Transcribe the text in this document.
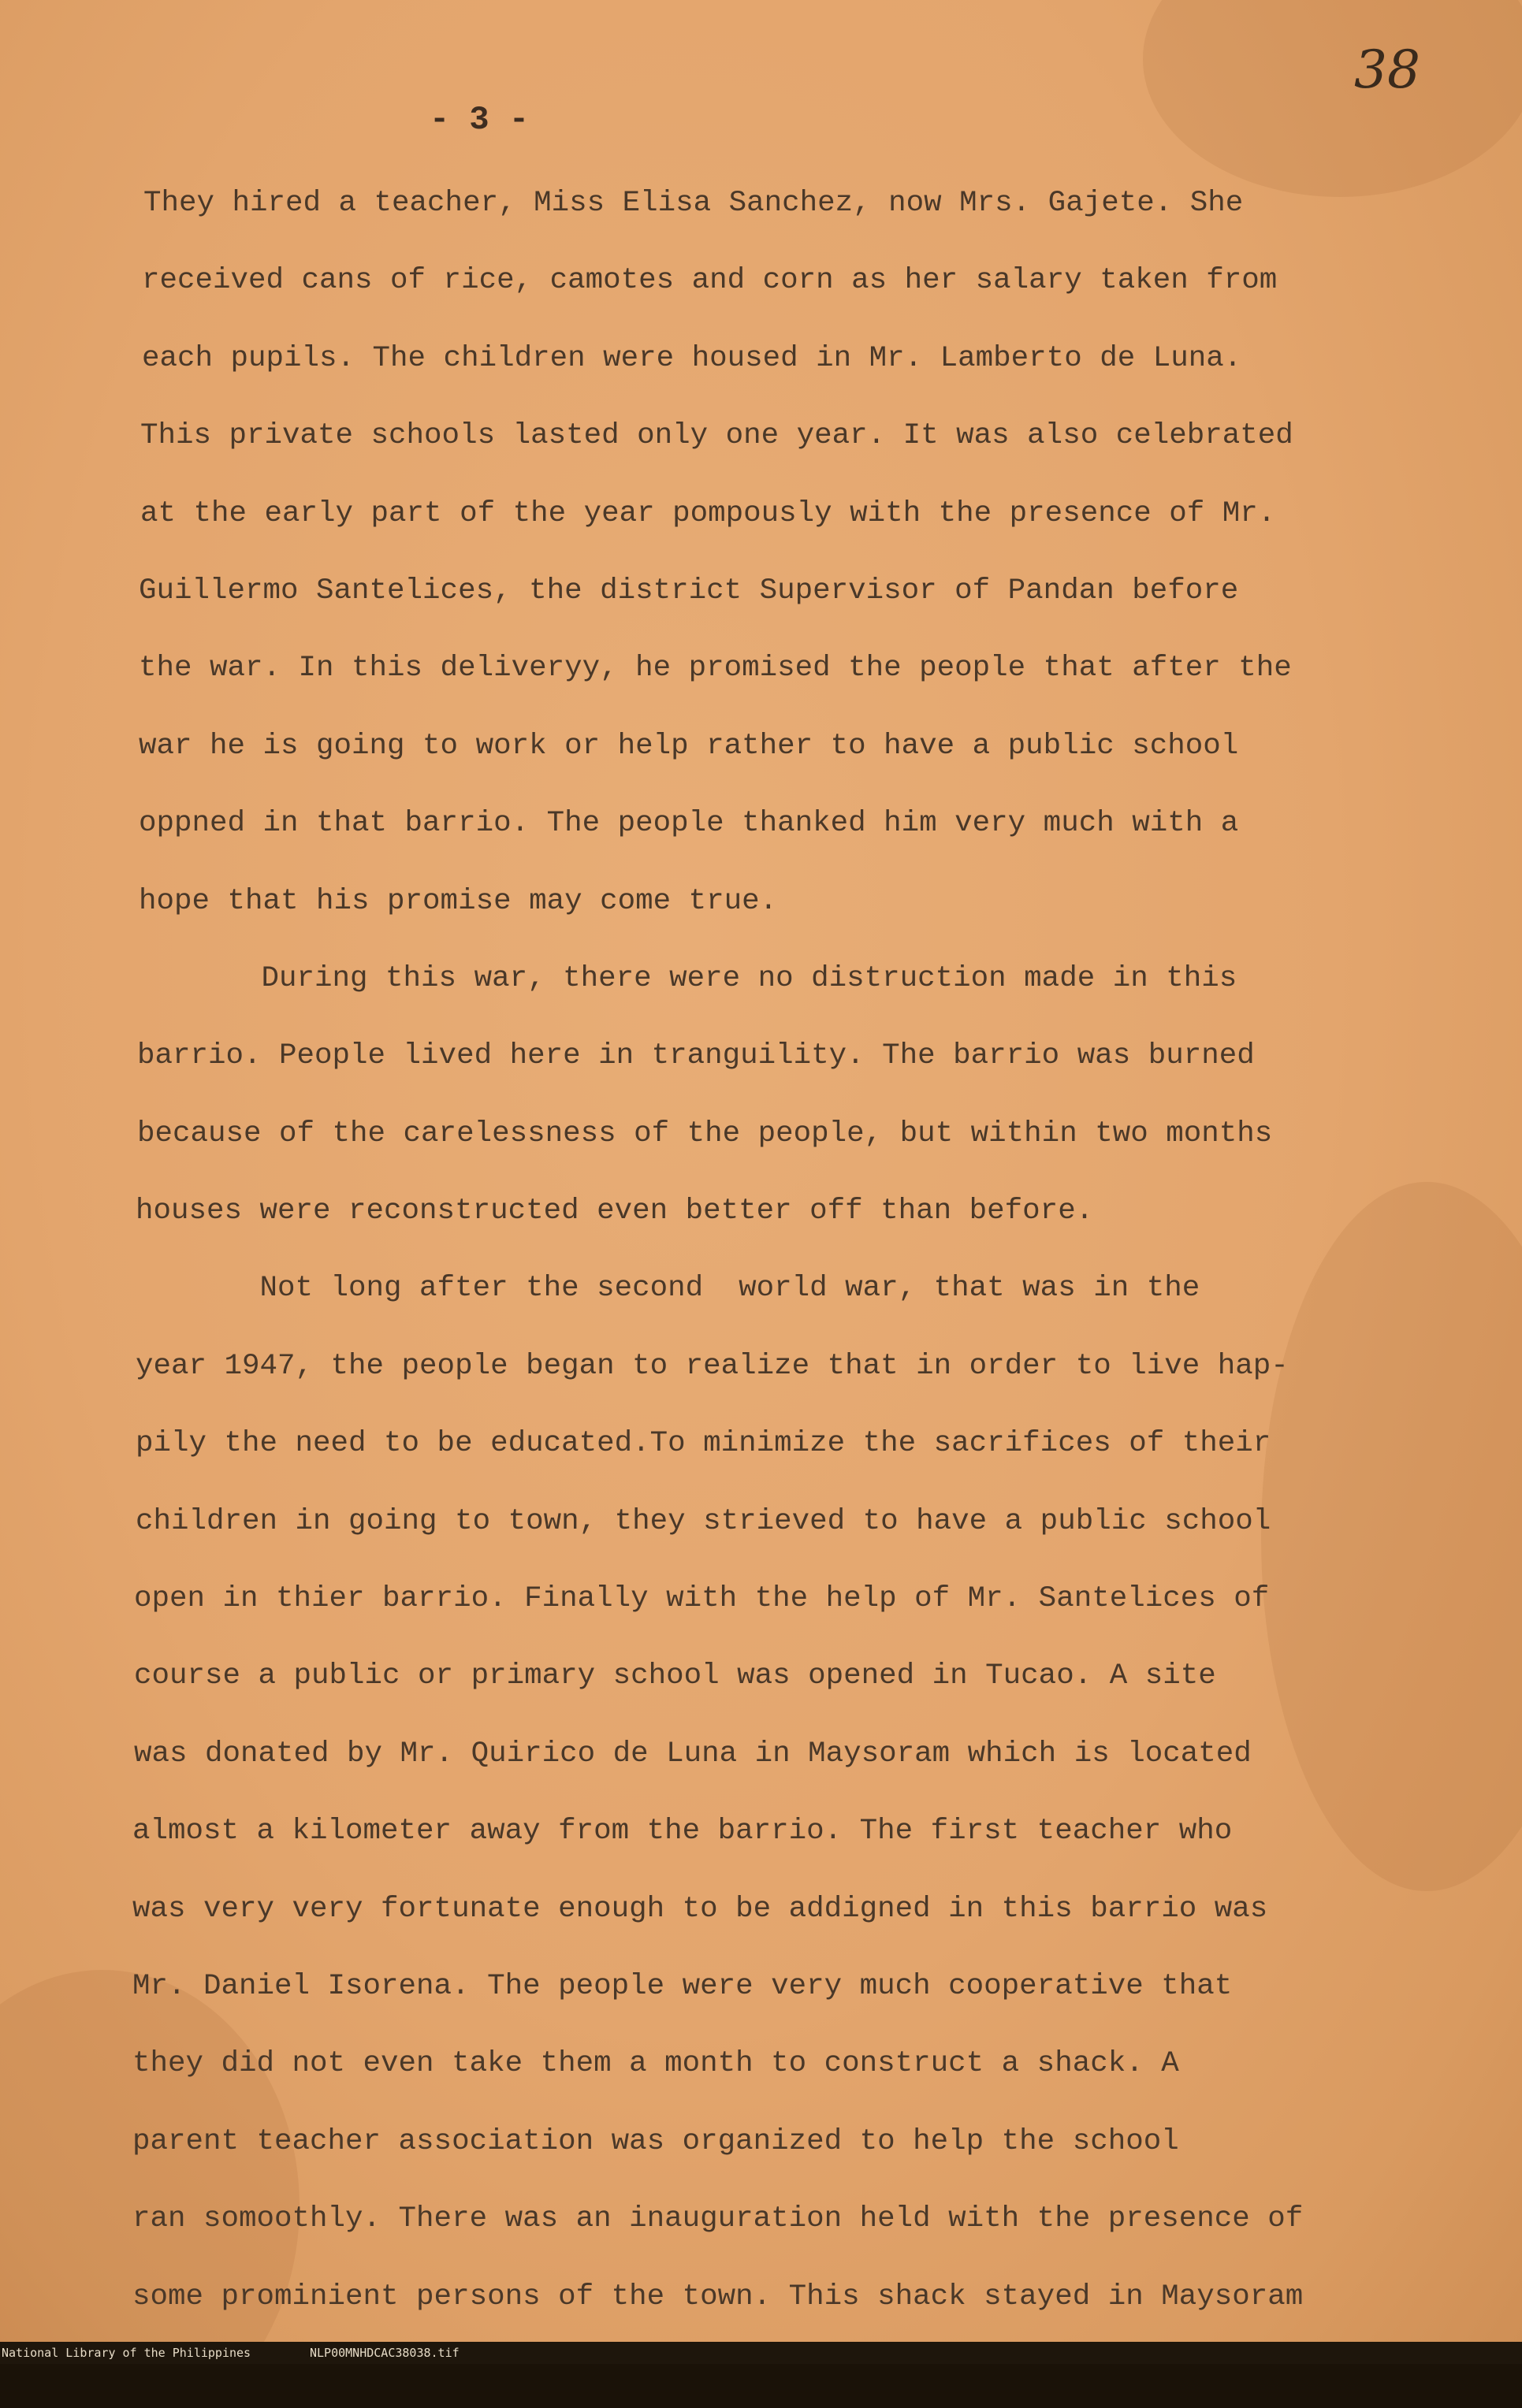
38

- 3 -

They hired a teacher, Miss Elisa Sanchez, now Mrs. Gajete. She
received cans of rice, camotes and corn as her salary taken from
each pupils. The children were housed in Mr. Lamberto de Luna.
This private schools lasted only one year. It was also celebrated
at the early part of the year pompously with the presence of Mr.
Guillermo Santelices, the district Supervisor of Pandan before
the war. In this deliveryy, he promised the people that after the
war he is going to work or help rather to have a public school
oppned in that barrio. The people thanked him very much with a
hope that his promise may come true.
During this war, there were no distruction made in this
barrio. People lived here in tranguility. The barrio was burned
because of the carelessness of the people, but within two months
houses were reconstructed even better off than before.
Not long after the second  world war, that was in the
year 1947, the people began to realize that in order to live hap-
pily the need to be educated.To minimize the sacrifices of their
children in going to town, they strieved to have a public school
open in thier barrio. Finally with the help of Mr. Santelices of
course a public or primary school was opened in Tucao. A site
was donated by Mr. Quirico de Luna in Maysoram which is located
almost a kilometer away from the barrio. The first teacher who
was very very fortunate enough to be addigned in this barrio was
Mr. Daniel Isorena. The people were very much cooperative that
they did not even take them a month to construct a shack. A
parent teacher association was organized to help the school
ran somoothly. There was an inauguration held with the presence of
some prominient persons of the town. This shack stayed in Maysoram

National Library of the Philippines

	NLP00MNHDCAC38038.tif
